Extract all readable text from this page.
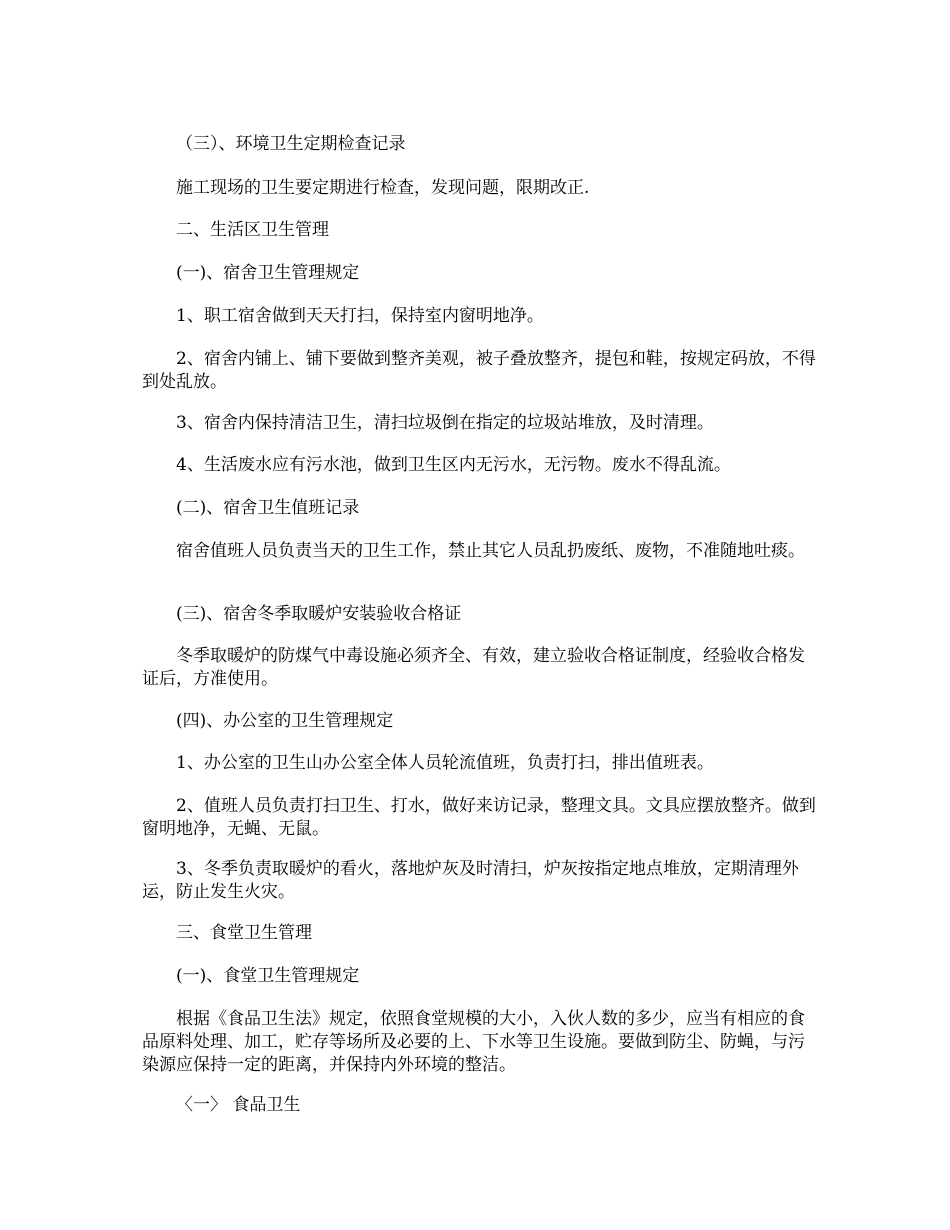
（三）、环境卫生定期检查记录

施工现场的卫生要定期进行检查，发现问题，限期改正.

二、生活区卫生管理

(一)、宿舍卫生管理规定

1、职工宿舍做到天天打扫，保持室内窗明地净。

2、宿舍内铺上、铺下要做到整齐美观，被子叠放整齐，提包和鞋，按规定码放，不得到处乱放。

3、宿舍内保持清洁卫生，清扫垃圾倒在指定的垃圾站堆放，及时清理。

4、生活废水应有污水池，做到卫生区内无污水，无污物。废水不得乱流。

(二)、宿舍卫生值班记录

宿舍值班人员负责当天的卫生工作，禁止其它人员乱扔废纸、废物，不准随地吐痰。

(三)、宿舍冬季取暖炉安装验收合格证

冬季取暖炉的防煤气中毒设施必须齐全、有效，建立验收合格证制度，经验收合格发证后，方准使用。

(四)、办公室的卫生管理规定

1、办公室的卫生山办公室全体人员轮流值班，负责打扫，排出值班表。

2、值班人员负责打扫卫生、打水，做好来访记录，整理文具。文具应摆放整齐。做到窗明地净，无蝇、无鼠。

3、冬季负责取暖炉的看火，落地炉灰及时清扫，炉灰按指定地点堆放，定期清理外运，防止发生火灾。

三、食堂卫生管理

(一)、食堂卫生管理规定

根据《食品卫生法》规定，依照食堂规模的大小，入伙人数的多少，应当有相应的食品原料处理、加工，贮存等场所及必要的上、下水等卫生设施。要做到防尘、防蝇，与污染源应保持一定的距离，并保持内外环境的整洁。

〈一〉 食品卫生
